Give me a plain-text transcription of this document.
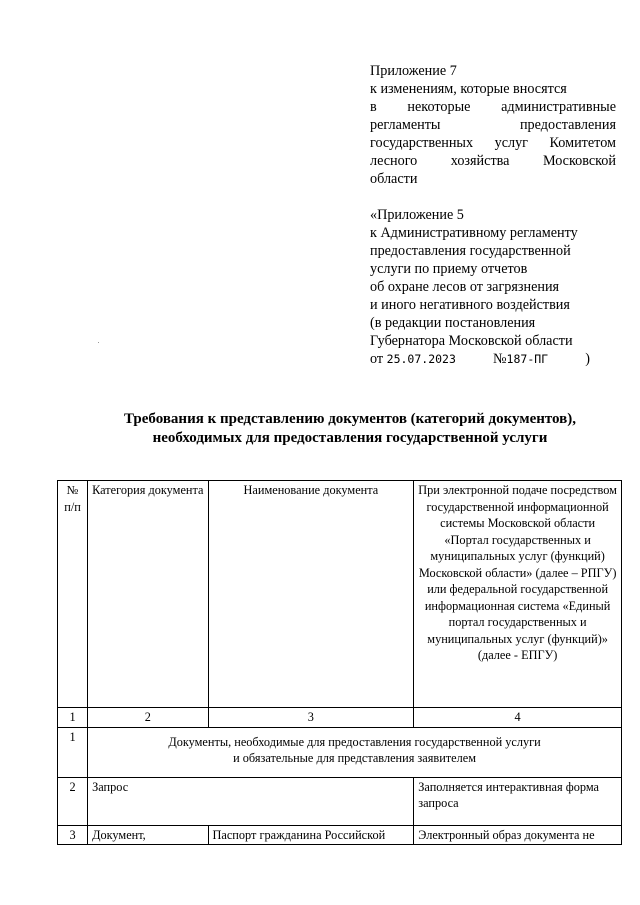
Приложение 7
к изменениям, которые вносятся
в некоторые административные
регламенты предоставления
государственных услуг Комитетом
лесного хозяйства Московской
области
«Приложение 5
к Административному регламенту
предоставления государственной
услуги по приему отчетов
об охране лесов от загрязнения
и иного негативного воздействия
(в редакции постановления
Губернатора Московской области
от 25.07.2023	№187-ПГ	)
Требования к представлению документов (категорий документов),
необходимых для предоставления государственной услуги
№ п/п	Категория документа	Наименование документа	При электронной подаче посредством государственной информационной системы Московской области «Портал государственных и муниципальных услуг (функций) Московской области» (далее – РПГУ) или федеральной государственной информационная система «Единый портал государственных и муниципальных услуг (функций)» (далее - ЕПГУ)
1	2	3	4
1	Документы, необходимые для предоставления государственной услуги
и обязательные для представления заявителем		

2	Запрос		Заполняется интерактивная форма запроса
3	Документ,	Паспорт гражданина Российской	Электронный образ документа не
